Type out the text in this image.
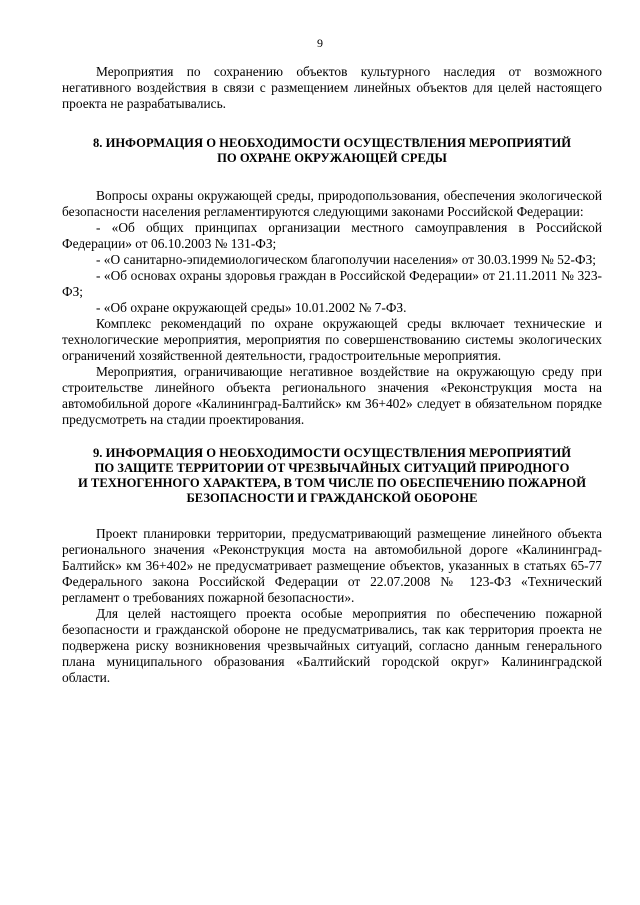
9

Мероприятия по сохранению объектов культурного наследия от возможного негативного воздействия в связи с размещением линейных объектов для целей настоящего проекта не разрабатывались.

8. ИНФОРМАЦИЯ О НЕОБХОДИМОСТИ ОСУЩЕСТВЛЕНИЯ МЕРОПРИЯТИЙ
ПО ОХРАНЕ ОКРУЖАЮЩЕЙ СРЕДЫ

Вопросы охраны окружающей среды, природопользования, обеспечения экологической безопасности населения регламентируются следующими законами Российской Федерации:

- «Об общих принципах организации местного самоуправления в Российской Федерации» от 06.10.2003 № 131-ФЗ;

- «О санитарно-эпидемиологическом благополучии населения» от 30.03.1999 № 52-ФЗ;

- «Об основах охраны здоровья граждан в Российской Федерации» от 21.11.2011 № 323-ФЗ;

- «Об охране окружающей среды» 10.01.2002 № 7-ФЗ.

Комплекс рекомендаций по охране окружающей среды включает технические и технологические мероприятия, мероприятия по совершенствованию системы экологических ограничений хозяйственной деятельности, градостроительные мероприятия.

Мероприятия, ограничивающие негативное воздействие на окружающую среду при строительстве линейного объекта регионального значения «Реконструкция моста на автомобильной дороге «Калининград-Балтийск» км 36+402» следует в обязательном порядке предусмотреть на стадии проектирования.

9. ИНФОРМАЦИЯ О НЕОБХОДИМОСТИ ОСУЩЕСТВЛЕНИЯ МЕРОПРИЯТИЙ
ПО ЗАЩИТЕ ТЕРРИТОРИИ ОТ ЧРЕЗВЫЧАЙНЫХ СИТУАЦИЙ ПРИРОДНОГО
И ТЕХНОГЕННОГО ХАРАКТЕРА, В ТОМ ЧИСЛЕ ПО ОБЕСПЕЧЕНИЮ ПОЖАРНОЙ
БЕЗОПАСНОСТИ И ГРАЖДАНСКОЙ ОБОРОНЕ

Проект планировки территории, предусматривающий размещение линейного объекта регионального значения «Реконструкция моста на автомобильной дороге «Калининград-Балтийск» км 36+402» не предусматривает размещение объектов, указанных в статьях 65-77 Федерального закона Российской Федерации от 22.07.2008 № 123-ФЗ «Технический регламент о требованиях пожарной безопасности».

Для целей настоящего проекта особые мероприятия по обеспечению пожарной безопасности и гражданской обороне не предусматривались, так как территория проекта не подвержена риску возникновения чрезвычайных ситуаций, согласно данным генерального плана муниципального образования «Балтийский городской округ» Калининградской области.
